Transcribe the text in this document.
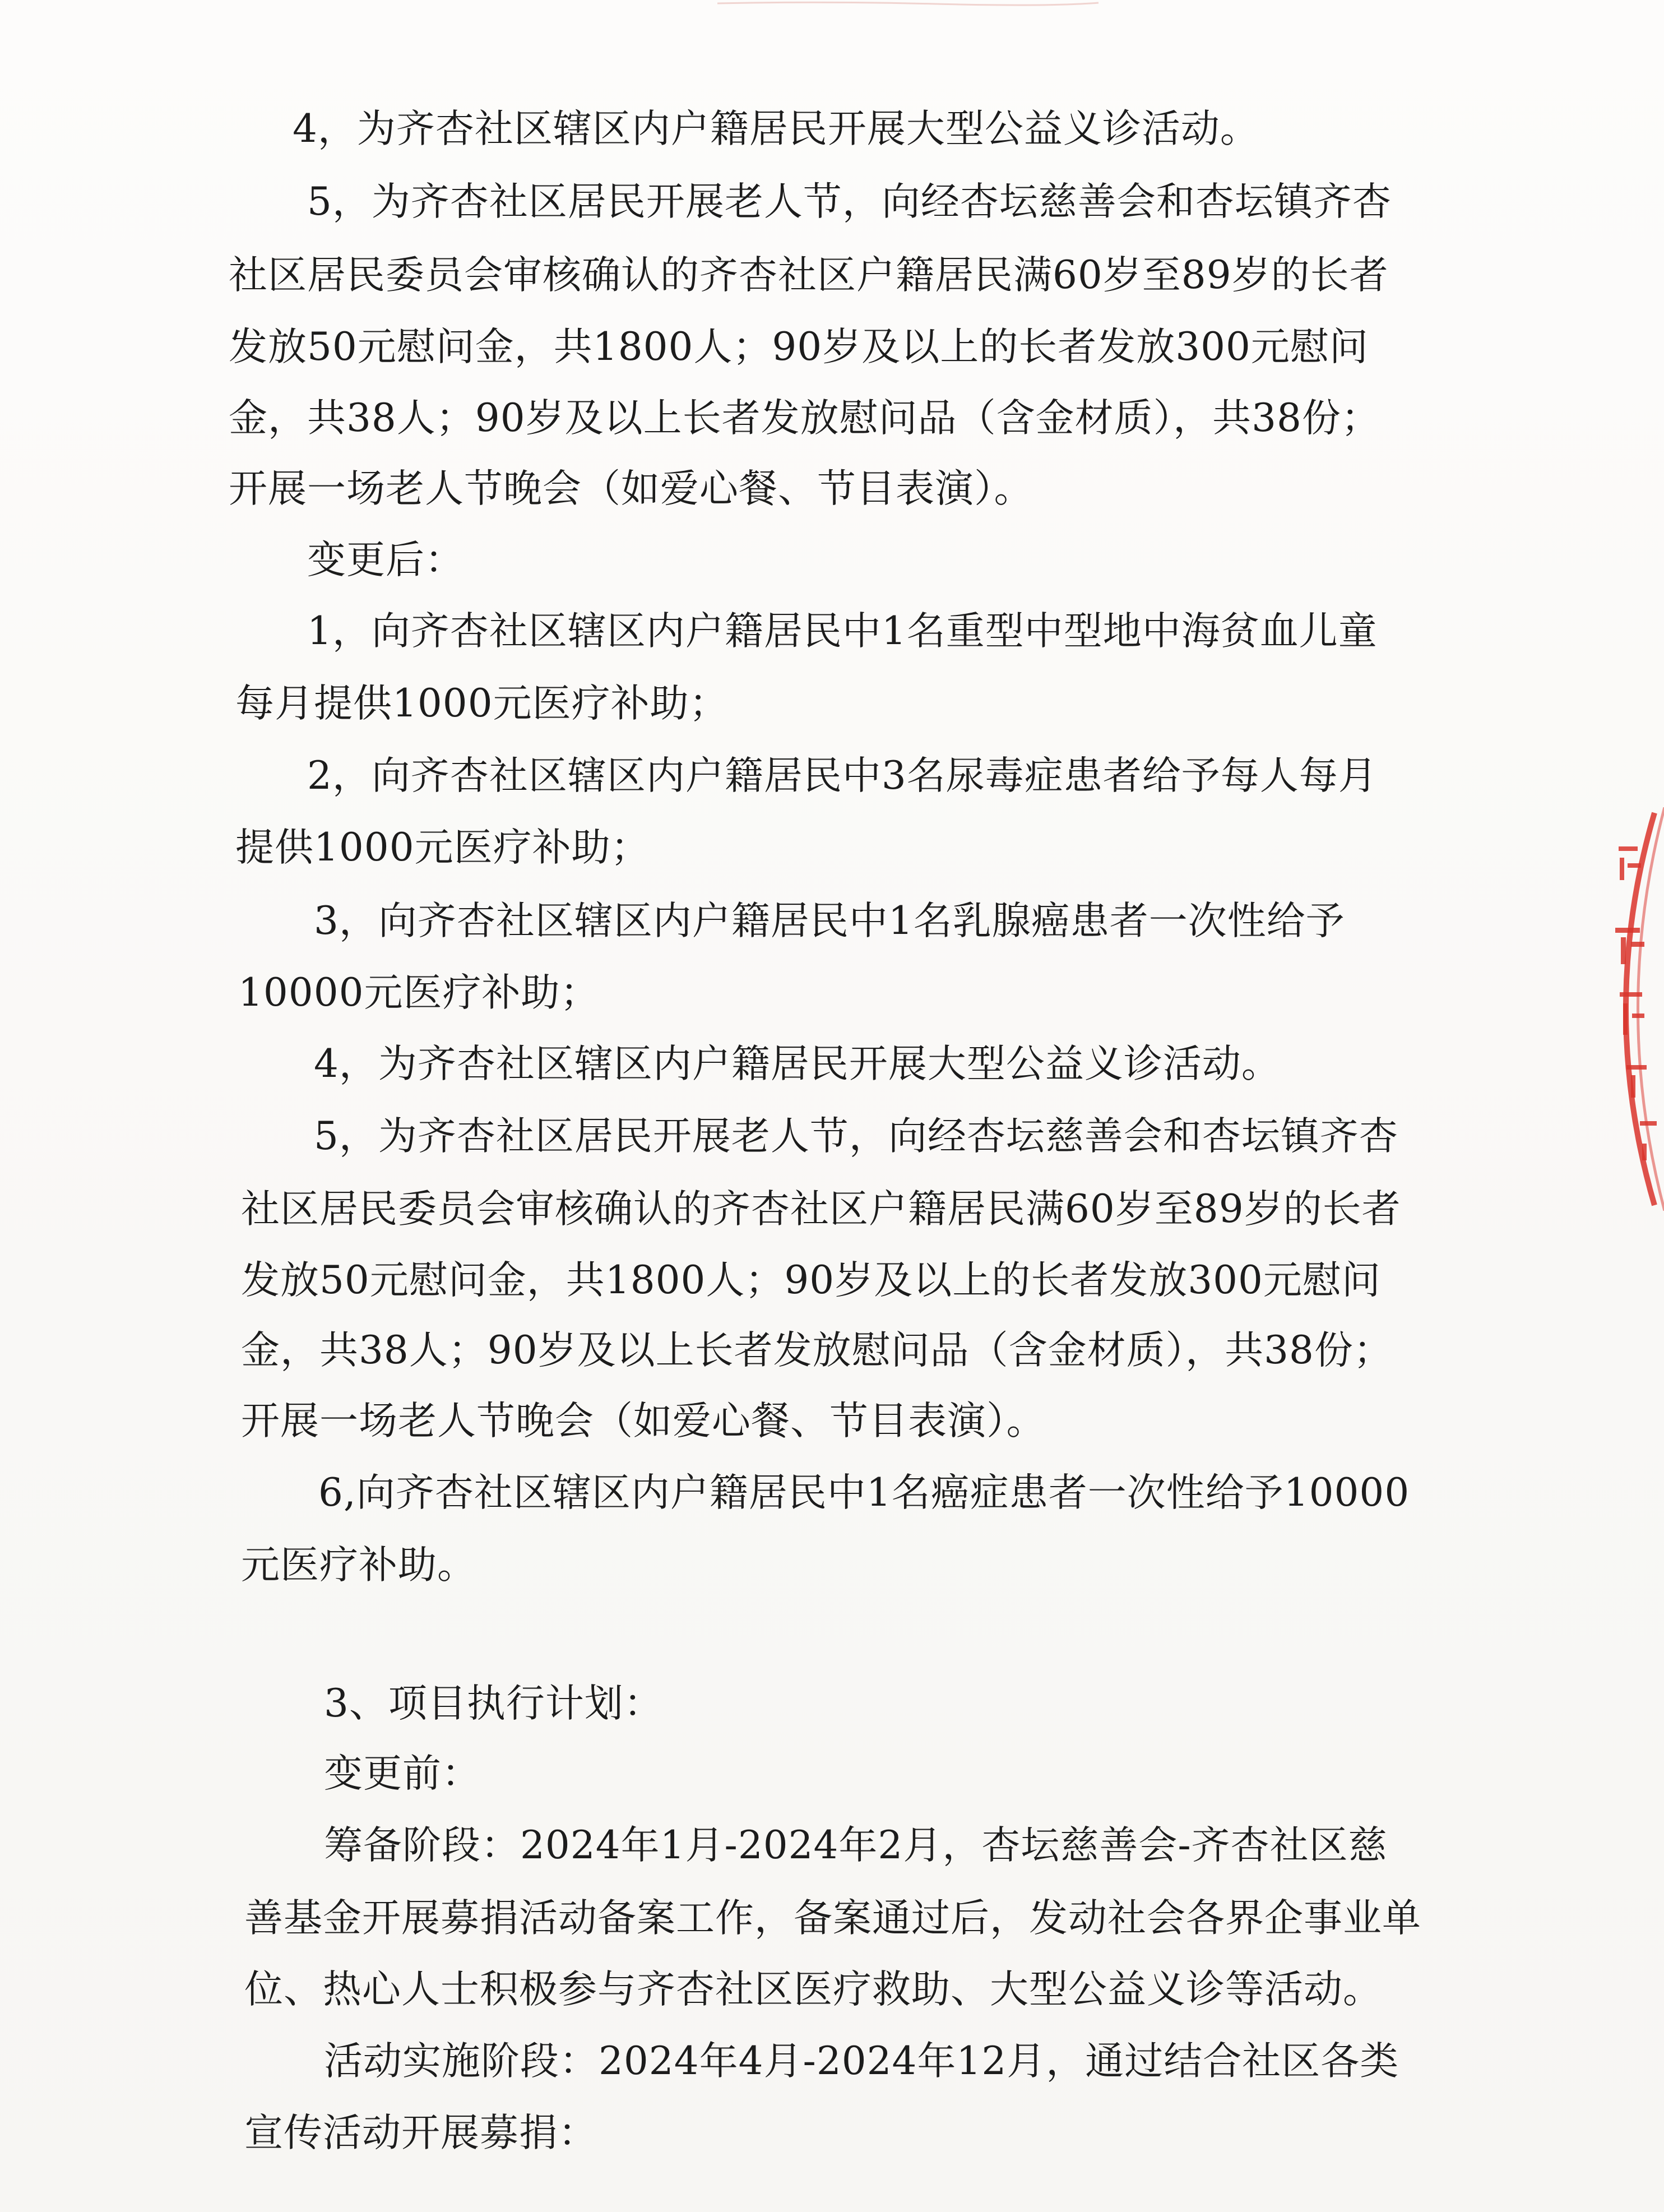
4，为齐杏社区辖区内户籍居民开展大型公益义诊活动。
5，为齐杏社区居民开展老人节，向经杏坛慈善会和杏坛镇齐杏
社区居民委员会审核确认的齐杏社区户籍居民满60岁至89岁的长者
发放50元慰问金，共1800人；90岁及以上的长者发放300元慰问
金，共38人；90岁及以上长者发放慰问品（含金材质），共38份；
开展一场老人节晚会（如爱心餐、节目表演）。
变更后：
1，向齐杏社区辖区内户籍居民中1名重型中型地中海贫血儿童
每月提供1000元医疗补助；
2，向齐杏社区辖区内户籍居民中3名尿毒症患者给予每人每月
提供1000元医疗补助；
3，向齐杏社区辖区内户籍居民中1名乳腺癌患者一次性给予
10000元医疗补助；
4，为齐杏社区辖区内户籍居民开展大型公益义诊活动。
5，为齐杏社区居民开展老人节，向经杏坛慈善会和杏坛镇齐杏
社区居民委员会审核确认的齐杏社区户籍居民满60岁至89岁的长者
发放50元慰问金，共1800人；90岁及以上的长者发放300元慰问
金，共38人；90岁及以上长者发放慰问品（含金材质），共38份；
开展一场老人节晚会（如爱心餐、节目表演）。
6,向齐杏社区辖区内户籍居民中1名癌症患者一次性给予10000
元医疗补助。
3、项目执行计划：
变更前：
筹备阶段：2024年1月-2024年2月，杏坛慈善会-齐杏社区慈
善基金开展募捐活动备案工作，备案通过后，发动社会各界企事业单
位、热心人士积极参与齐杏社区医疗救助、大型公益义诊等活动。
活动实施阶段：2024年4月-2024年12月，通过结合社区各类
宣传活动开展募捐：
